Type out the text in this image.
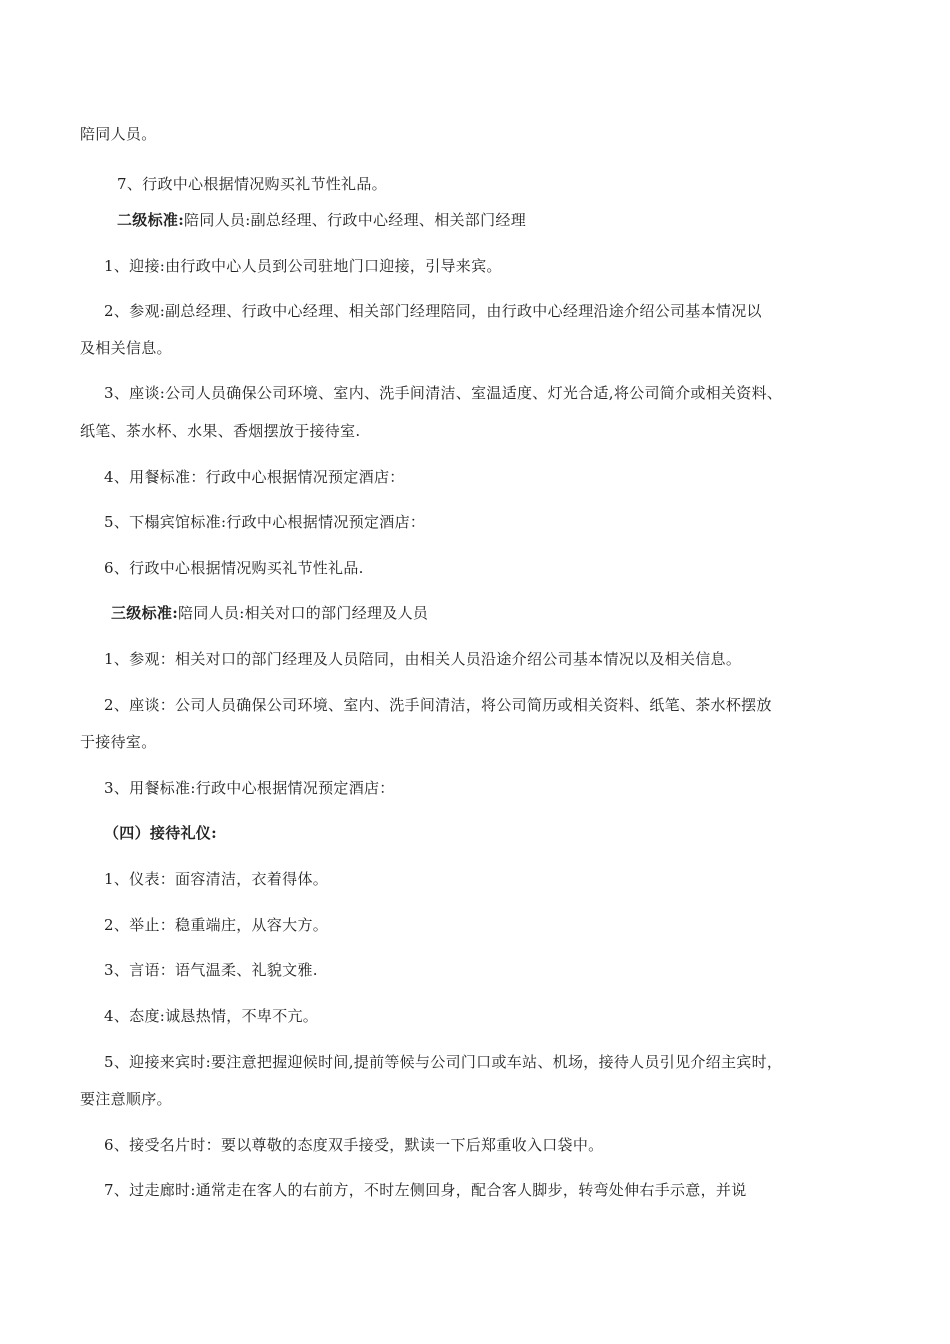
陪同人员。
7、行政中心根据情况购买礼节性礼品。
二级标准:陪同人员:副总经理、行政中心经理、相关部门经理
1、迎接:由行政中心人员到公司驻地门口迎接，引导来宾。
2、参观:副总经理、行政中心经理、相关部门经理陪同，由行政中心经理沿途介绍公司基本情况以
及相关信息。
3、座谈:公司人员确保公司环境、室内、洗手间清洁、室温适度、灯光合适,将公司简介或相关资料、
纸笔、茶水杯、水果、香烟摆放于接待室.
4、用餐标准：行政中心根据情况预定酒店：
5、下榻宾馆标准:行政中心根据情况预定酒店：
6、行政中心根据情况购买礼节性礼品.
三级标准:陪同人员:相关对口的部门经理及人员
1、参观：相关对口的部门经理及人员陪同，由相关人员沿途介绍公司基本情况以及相关信息。
2、座谈：公司人员确保公司环境、室内、洗手间清洁，将公司简历或相关资料、纸笔、茶水杯摆放
于接待室。
3、用餐标准:行政中心根据情况预定酒店：
（四）接待礼仪:
1、仪表：面容清洁，衣着得体。
2、举止：稳重端庄，从容大方。
3、言语：语气温柔、礼貌文雅.
4、态度:诚恳热情，不卑不亢。
5、迎接来宾时:要注意把握迎候时间,提前等候与公司门口或车站、机场，接待人员引见介绍主宾时，
要注意顺序。
6、接受名片时：要以尊敬的态度双手接受，默读一下后郑重收入口袋中。
7、过走廊时:通常走在客人的右前方，不时左侧回身，配合客人脚步，转弯处伸右手示意，并说
